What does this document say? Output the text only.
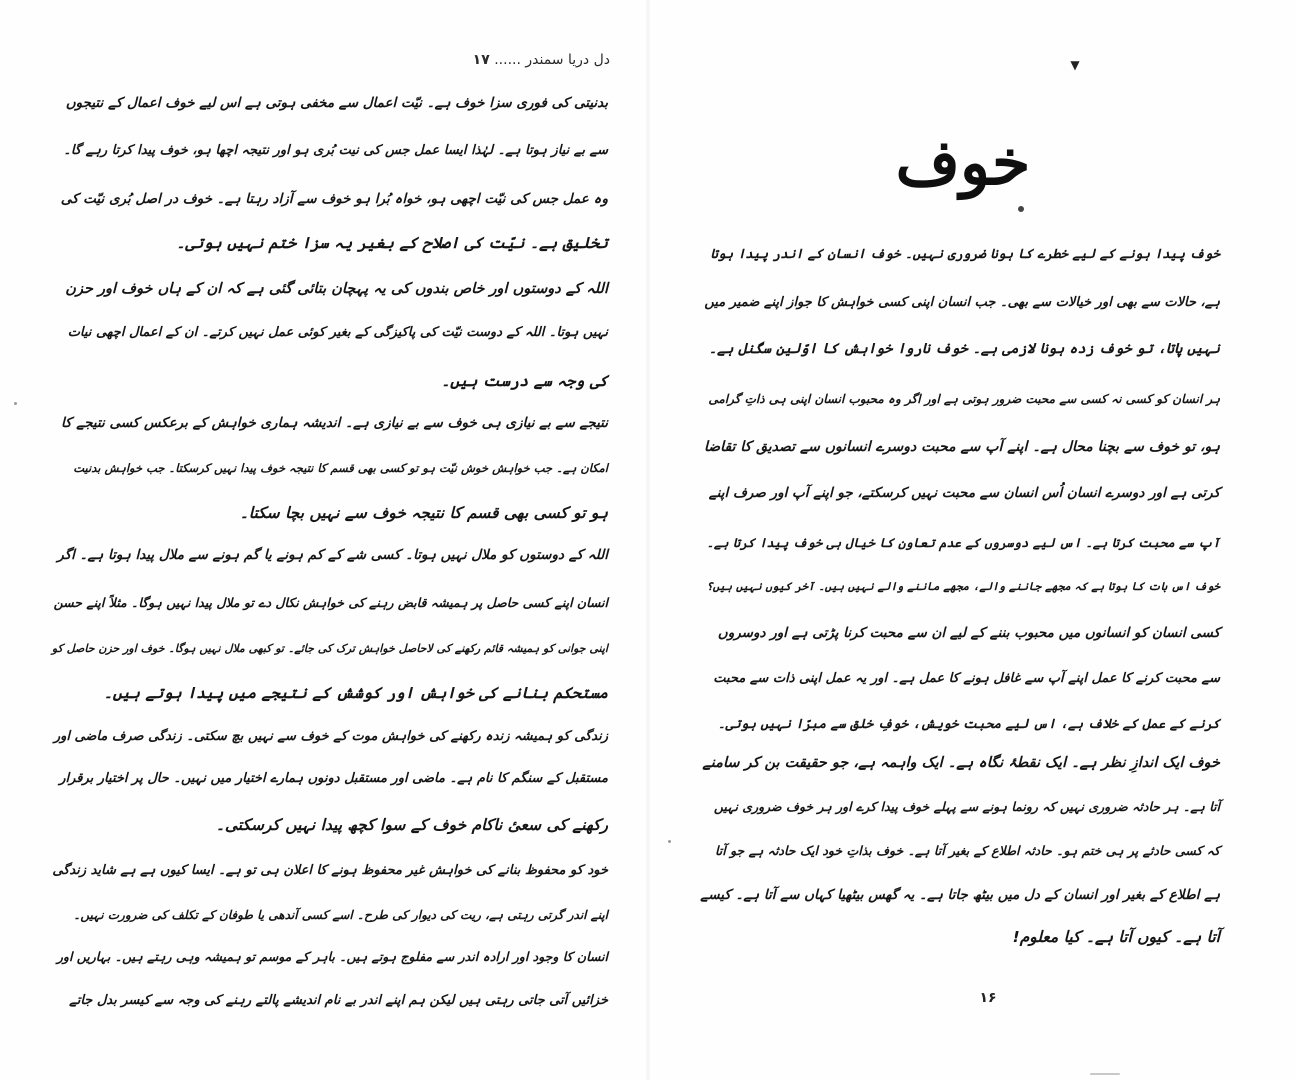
دل دریا سمندر ...... ۱۷
بدنیتی کی فوری سزا خوف ہے۔ نیّت اعمال سے مخفی ہوتی ہے اس لیے خوف اعمال کے نتیجوں
سے بے نیاز ہوتا ہے۔ لہٰذا ایسا عمل جس کی نیت بُری ہو اور نتیجہ اچھا ہو، خوف پیدا کرتا رہے گا۔
وہ عمل جس کی نیّت اچھی ہو، خواہ بُرا ہو خوف سے آزاد رہتا ہے۔ خوف در اصل بُری نیّت کی
تخلیق ہے۔ نیّت کی اصلاح کے بغیر یہ سزا ختم نہیں ہوتی۔
اللہ کے دوستوں اور خاص بندوں کی یہ پہچان بتائی گئی ہے کہ ان کے ہاں خوف اور حزن
نہیں ہوتا۔ اللہ کے دوست نیّت کی پاکیزگی کے بغیر کوئی عمل نہیں کرتے۔ ان کے اعمال اچھی نیات
کی وجہ سے درست ہیں۔
نتیجے سے بے نیازی ہی خوف سے بے نیازی ہے۔ اندیشہ ہماری خواہش کے برعکس کسی نتیجے کا
امکان ہے۔ جب خواہش خوش نیّت ہو تو کسی بھی قسم کا نتیجہ خوف پیدا نہیں کرسکتا۔ جب خواہش بدنیت
ہو تو کسی بھی قسم کا نتیجہ خوف سے نہیں بچا سکتا۔
اللہ کے دوستوں کو ملال نہیں ہوتا۔ کسی شے کے کم ہونے یا گم ہونے سے ملال پیدا ہوتا ہے۔ اگر
انسان اپنے کسی حاصل پر ہمیشہ قابض رہنے کی خواہش نکال دے تو ملال پیدا نہیں ہوگا۔ مثلاً اپنے حسن
اپنی جوانی کو ہمیشہ قائم رکھنے کی لاحاصل خواہش ترک کی جائے۔ تو کبھی ملال نہیں ہوگا۔ خوف اور حزن حاصل کو
مستحکم بنانے کی خواہش اور کوشش کے نتیجے میں پیدا ہوتے ہیں۔
زندگی کو ہمیشہ زندہ رکھنے کی خواہش موت کے خوف سے نہیں بچ سکتی۔ زندگی صرف ماضی اور
مستقبل کے سنگم کا نام ہے۔ ماضی اور مستقبل دونوں ہمارے اختیار میں نہیں۔ حال پر اختیار برقرار
رکھنے کی سعیٔ ناکام خوف کے سوا کچھ پیدا نہیں کرسکتی۔
خود کو محفوظ بنانے کی خواہش غیر محفوظ ہونے کا اعلان ہی تو ہے۔ ایسا کیوں ہے ہے شاید زندگی
اپنے اندر گرتی رہتی ہے، ریت کی دیوار کی طرح۔ اسے کسی آندھی یا طوفان کے تکلف کی ضرورت نہیں۔
انسان کا وجود اور ارادہ اندر سے مفلوج ہوتے ہیں۔ باہر کے موسم تو ہمیشہ وہی رہتے ہیں۔ بہاریں اور
خزائیں آتی جاتی رہتی ہیں لیکن ہم اپنے اندر بے نام اندیشے پالتے رہنے کی وجہ سے کیسر بدل جاتے
▼
خوف
خوف پیدا ہونے کے لیے خطرے کا ہونا ضروری نہیں۔ خوف انسان کے اندر پیدا ہوتا
ہے، حالات سے بھی اور خیالات سے بھی۔ جب انسان اپنی کسی خواہش کا جواز اپنے ضمیر میں
نہیں پاتا، تو خوف زدہ ہونا لازمی ہے۔ خوف ناروا خواہش کا اوّلین سگنل ہے۔
ہر انسان کو کسی نہ کسی سے محبت ضرور ہوتی ہے اور اگر وہ محبوب انسان اپنی ہی ذاتِ گرامی
ہو، تو خوف سے بچنا محال ہے۔ اپنے آپ سے محبت دوسرے انسانوں سے تصدیق کا تقاضا
کرتی ہے اور دوسرے انسان اُس انسان سے محبت نہیں کرسکتے، جو اپنے آپ اور صرف اپنے
آپ سے محبت کرتا ہے۔ اس لیے دوسروں کے عدم تعاون کا خیال ہی خوف پیدا کرتا ہے۔
خوف اس بات کا ہوتا ہے کہ مجھے جاننے والے، مجھے ماننے والے نہیں ہیں۔ آخر کیوں نہیں ہیں؟
کسی انسان کو انسانوں میں محبوب بننے کے لیے ان سے محبت کرنا پڑتی ہے اور دوسروں
سے محبت کرنے کا عمل اپنے آپ سے غافل ہونے کا عمل ہے۔ اور یہ عمل اپنی ذات سے محبت
کرنے کے عمل کے خلاف ہے، اس لیے محبت خویش، خوفِ خلق سے مبرّا نہیں ہوتی۔
خوف ایک اندازِ نظر ہے۔ ایک نقطۂ نگاہ ہے۔ ایک واہمہ ہے، جو حقیقت بن کر سامنے
آتا ہے۔ ہر حادثہ ضروری نہیں کہ رونما ہونے سے پہلے خوف پیدا کرے اور ہر خوف ضروری نہیں
کہ کسی حادثے پر ہی ختم ہو۔ حادثہ اطلاع کے بغیر آتا ہے۔ خوف بذاتِ خود ایک حادثہ ہے جو آتا
ہے اطلاع کے بغیر اور انسان کے دل میں بیٹھ جاتا ہے۔ یہ گھس بیٹھیا کہاں سے آتا ہے۔ کیسے
آتا ہے۔ کیوں آتا ہے۔ کیا معلوم!
۱۶
